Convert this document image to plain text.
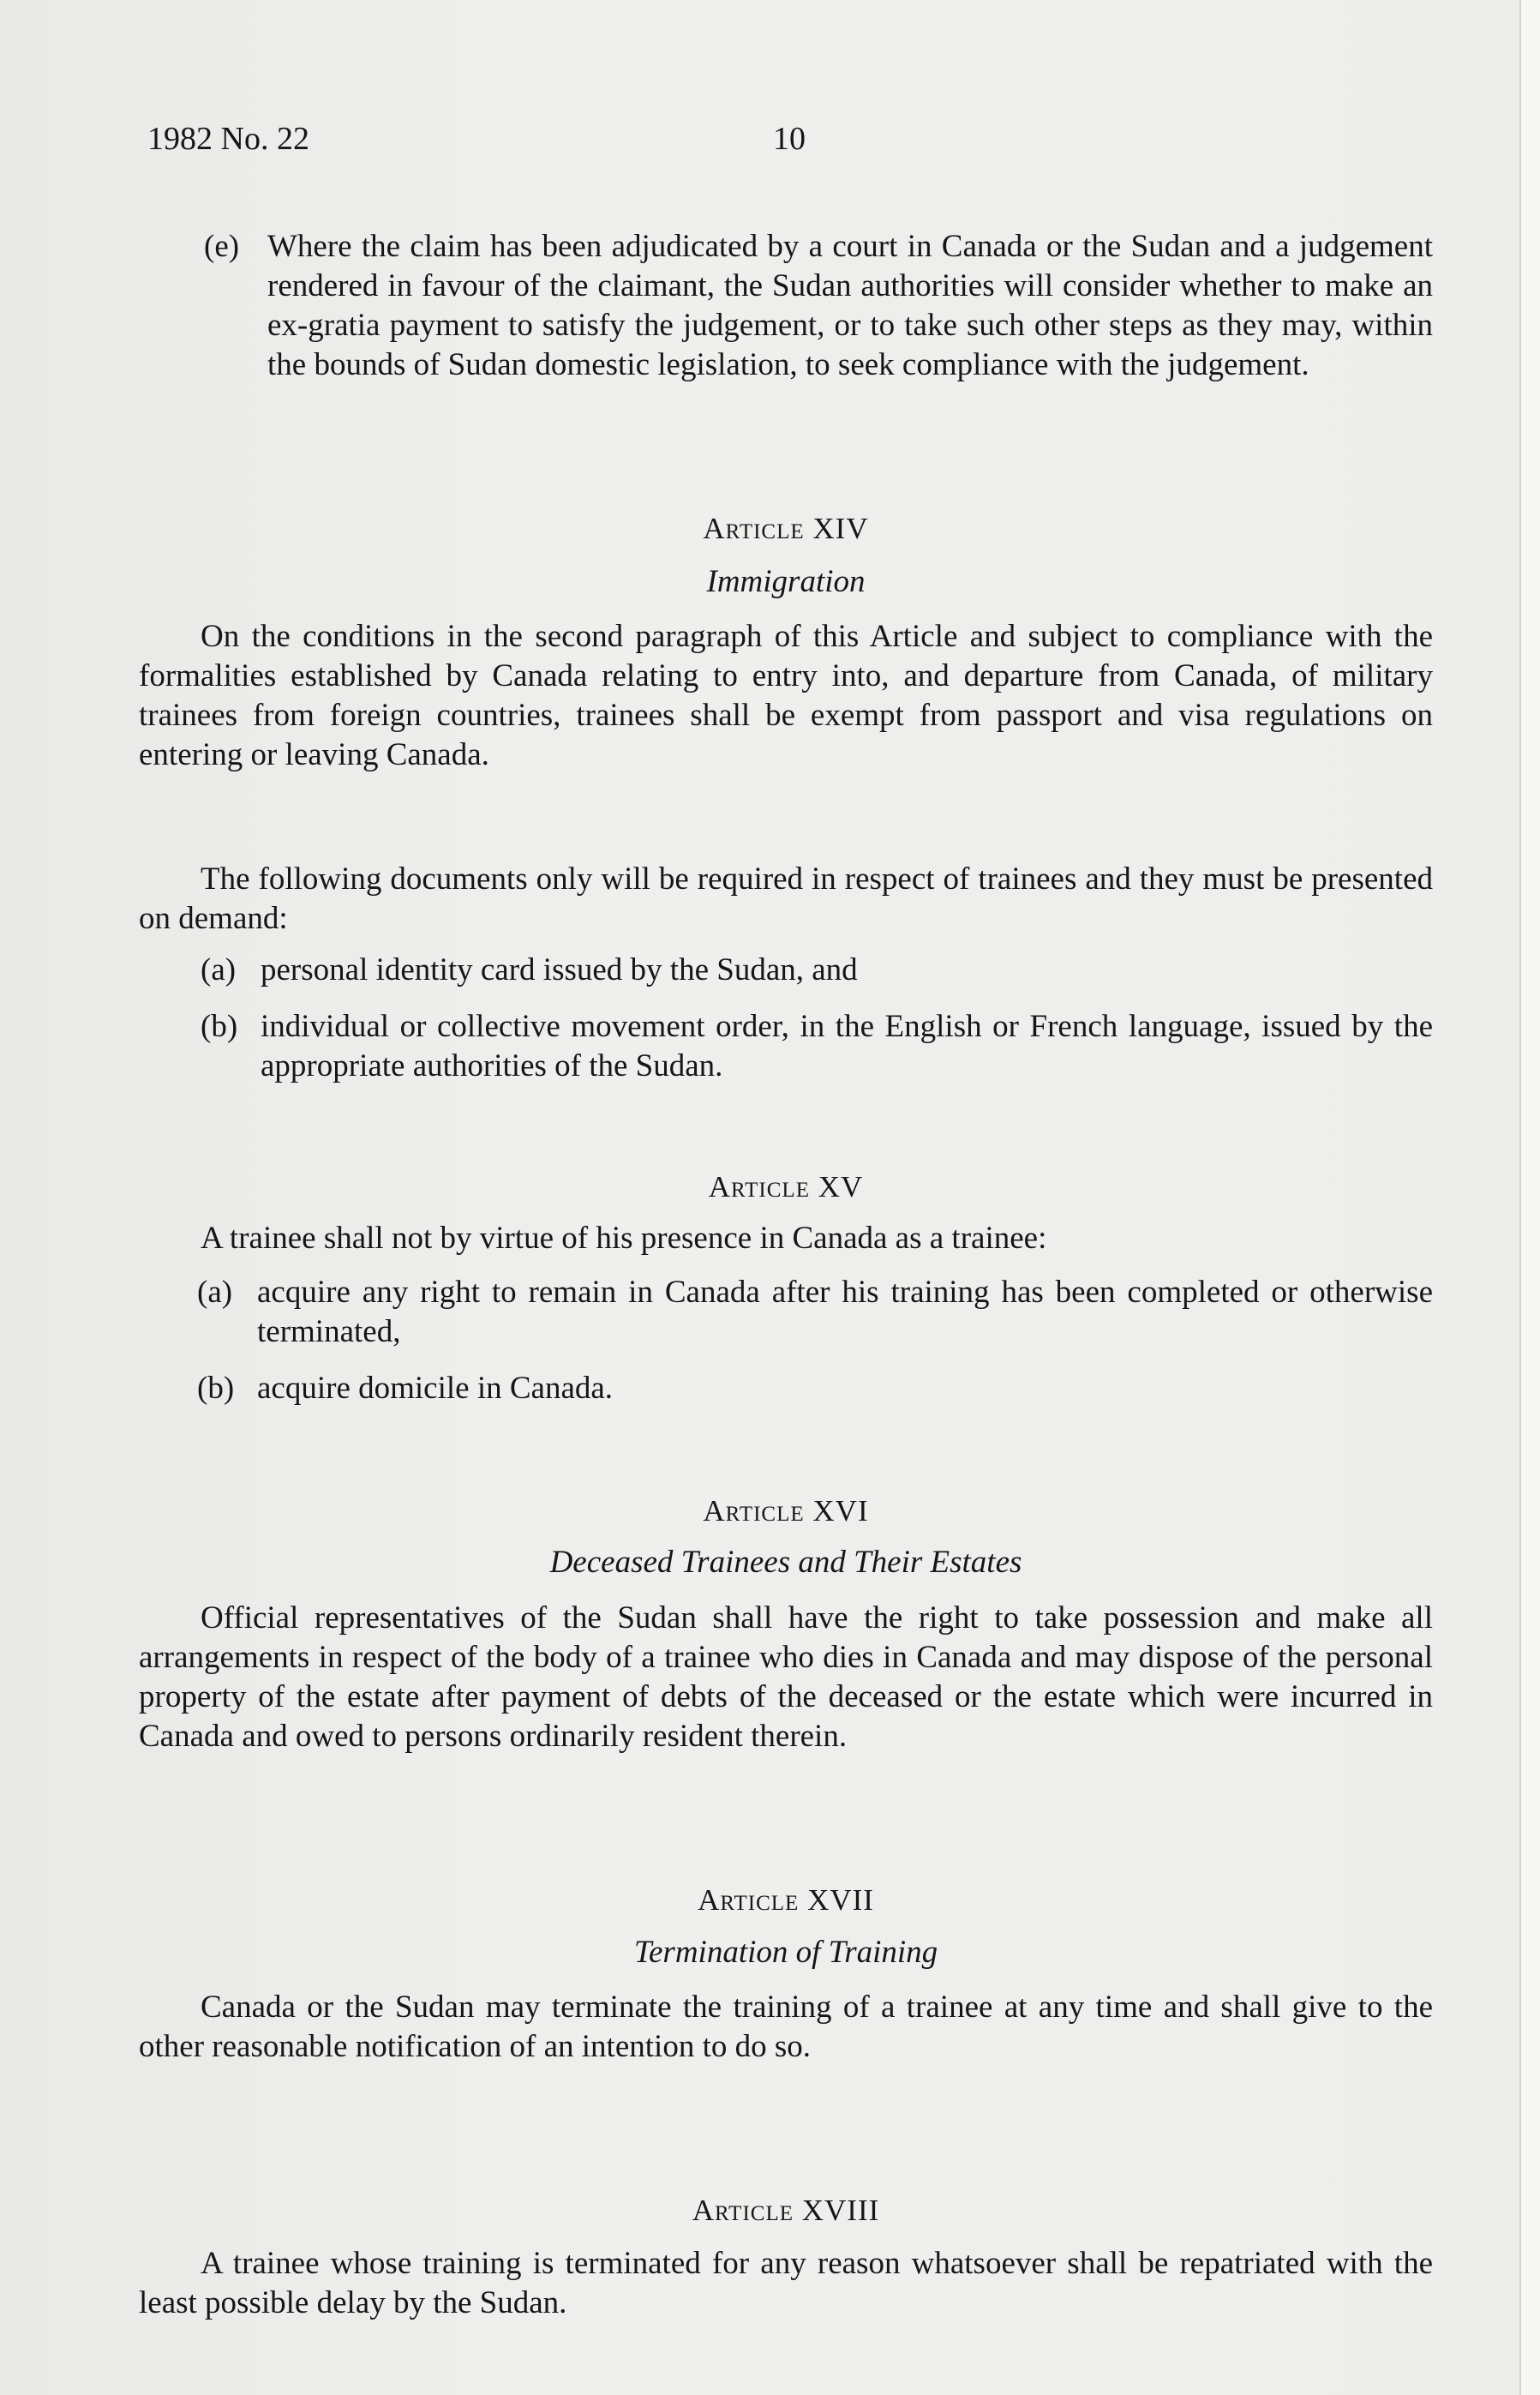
1982 No. 22	10
(e) Where the claim has been adjudicated by a court in Canada or the Sudan and a judgement rendered in favour of the claimant, the Sudan authorities will consider whether to make an ex-gratia payment to satisfy the judgement, or to take such other steps as they may, within the bounds of Sudan domestic legislation, to seek compliance with the judgement.

Article XIV

Immigration

On the conditions in the second paragraph of this Article and subject to compliance with the formalities established by Canada relating to entry into, and departure from Canada, of military trainees from foreign countries, trainees shall be exempt from passport and visa regulations on entering or leaving Canada.

The following documents only will be required in respect of trainees and they must be presented on demand:

(a) personal identity card issued by the Sudan, and
(b) individual or collective movement order, in the English or French language, issued by the appropriate authorities of the Sudan.

Article XV

A trainee shall not by virtue of his presence in Canada as a trainee:

(a) acquire any right to remain in Canada after his training has been completed or otherwise terminated,
(b) acquire domicile in Canada.

Article XVI

Deceased Trainees and Their Estates

Official representatives of the Sudan shall have the right to take possession and make all arrangements in respect of the body of a trainee who dies in Canada and may dispose of the personal property of the estate after payment of debts of the deceased or the estate which were incurred in Canada and owed to persons ordinarily resident therein.

Article XVII

Termination of Training

Canada or the Sudan may terminate the training of a trainee at any time and shall give to the other reasonable notification of an intention to do so.

Article XVIII

A trainee whose training is terminated for any reason whatsoever shall be repatriated with the least possible delay by the Sudan.
